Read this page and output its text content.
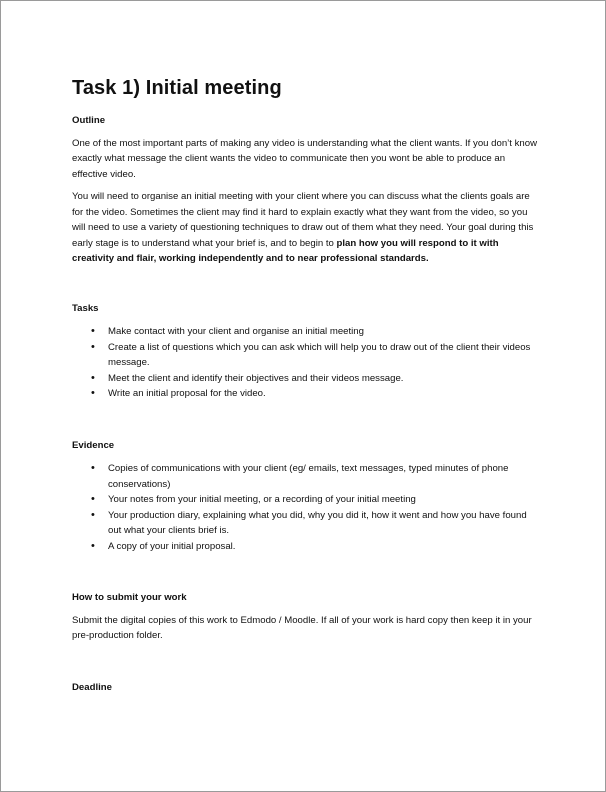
Task 1) Initial meeting
Outline

One of the most important parts of making any video is understanding what the client wants. If you don’t know exactly what message the client wants the video to communicate then you wont be able to produce an effective video.

You will need to organise an initial meeting with your client where you can discuss what the clients goals are for the video. Sometimes the client may find it hard to explain exactly what they want from the video, so you will need to use a variety of questioning techniques to draw out of them what they need. Your goal during this early stage is to understand what your brief is, and to begin to plan how you will respond to it with creativity and flair, working independently and to near professional standards.

Tasks
• Make contact with your client and organise an initial meeting
• Create a list of questions which you can ask which will help you to draw out of the client their videos message.
• Meet the client and identify their objectives and their videos message.
• Write an initial proposal for the video.
Evidence
• Copies of communications with your client (eg/ emails, text messages, typed minutes of phone conservations)
• Your notes from your initial meeting, or a recording of your initial meeting
• Your production diary, explaining what you did, why you did it, how it went and how you have found out what your clients brief is.
• A copy of your initial proposal.
How to submit your work

Submit the digital copies of this work to Edmodo / Moodle. If all of your work is hard copy then keep it in your pre-production folder.

Deadline
